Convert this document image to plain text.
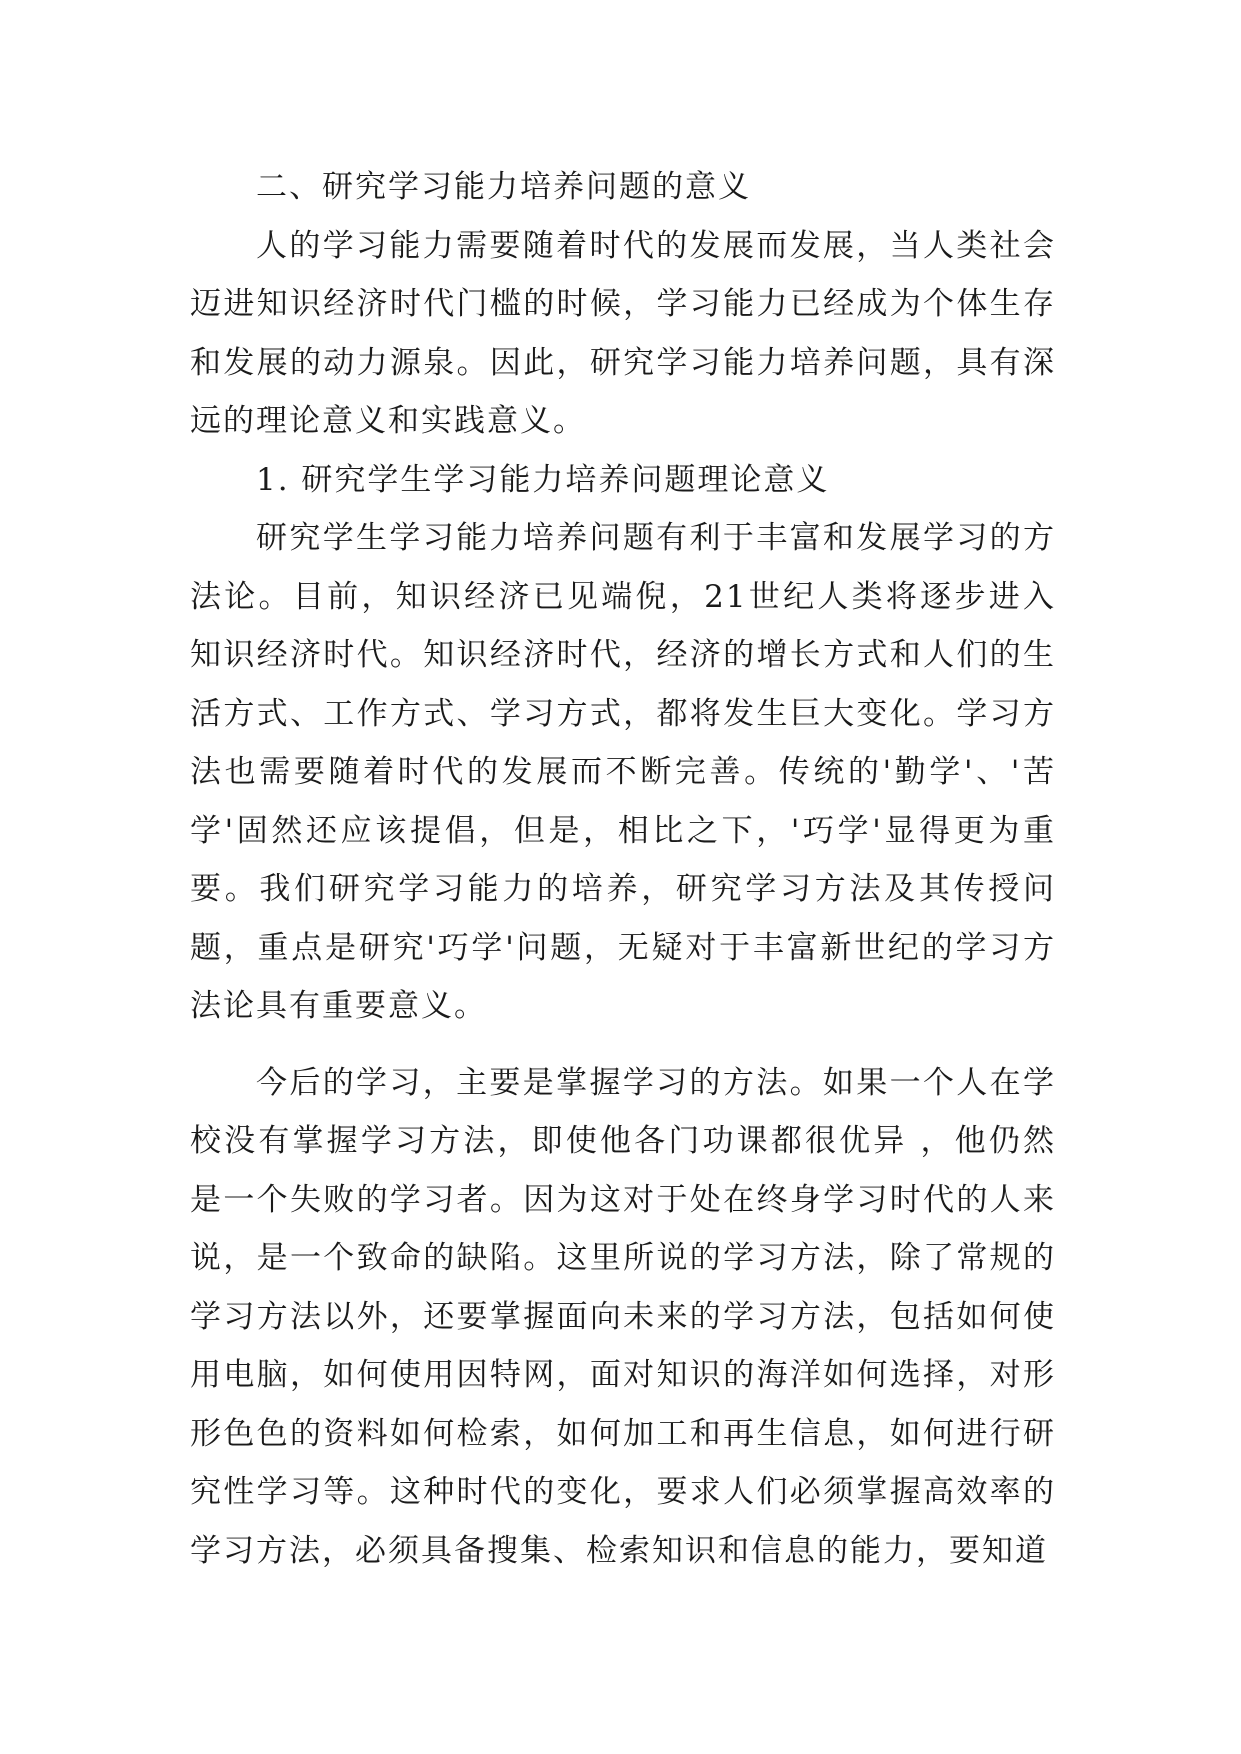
二、研究学习能力培养问题的意义

人的学习能力需要随着时代的发展而发展，当人类社会迈进知识经济时代门槛的时候，学习能力已经成为个体生存和发展的动力源泉。因此，研究学习能力培养问题，具有深远的理论意义和实践意义。

1. 研究学生学习能力培养问题理论意义

研究学生学习能力培养问题有利于丰富和发展学习的方法论。目前，知识经济已见端倪，21世纪人类将逐步进入知识经济时代。知识经济时代，经济的增长方式和人们的生活方式、工作方式、学习方式，都将发生巨大变化。学习方法也需要随着时代的发展而不断完善。传统的'勤学'、'苦学'固然还应该提倡，但是，相比之下，'巧学'显得更为重要。我们研究学习能力的培养，研究学习方法及其传授问题，重点是研究'巧学'问题，无疑对于丰富新世纪的学习方法论具有重要意义。

今后的学习，主要是掌握学习的方法。如果一个人在学校没有掌握学习方法，即使他各门功课都很优异 ，他仍然是一个失败的学习者。因为这对于处在终身学习时代的人来说，是一个致命的缺陷。这里所说的学习方法，除了常规的学习方法以外，还要掌握面向未来的学习方法，包括如何使用电脑，如何使用因特网，面对知识的海洋如何选择，对形形色色的资料如何检索，如何加工和再生信息，如何进行研究性学习等。这种时代的变化，要求人们必须掌握高效率的学习方法，必须具备搜集、检索知识和信息的能力，要知道
